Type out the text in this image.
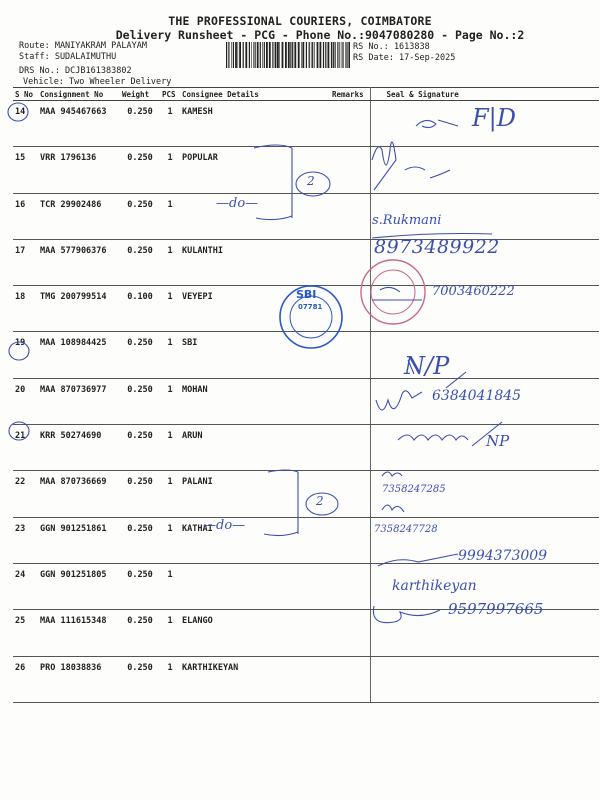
THE PROFESSIONAL COURIERS, COIMBATORE
Delivery Runsheet - PCG - Phone No.:9047080280 - Page No.:2
Route: MANIYAKRAM PALAYAM
Staff: SUDALAIMUTHU
DRS No.: DCJB161383802
Vehicle: Two Wheeler Delivery
RS No.: 1613838
RS Date: 17-Sep-2025
S No	Consignment No	Weight	PCS	Consignee Details	Remarks	Seal & Signature
14	MAA 945467663	0.250	1	KAMESH		
15	VRR 1796136	0.250	1	POPULAR		
16	TCR 29902486	0.250	1			
17	MAA 577906376	0.250	1	KULANTHI		
18	TMG 200799514	0.100	1	VEYEPI		
19	MAA 108984425	0.250	1	SBI		
20	MAA 870736977	0.250	1	MOHAN		
21	KRR 50274690	0.250	1	ARUN		
22	MAA 870736669	0.250	1	PALANI		
23	GGN 901251861	0.250	1	KATHAI		
24	GGN 901251805	0.250	1			
25	MAA 111615348	0.250	1	ELANGO		
26	PRO 18038836	0.250	1	KARTHIKEYAN		
F|D
—do—
2
s.Rukmani
8973489922
7003460222
N/P
6384041845
NP
SBI
07781
—do—
2
7358247285
7358247728
9994373009
karthikeyan
9597997665
